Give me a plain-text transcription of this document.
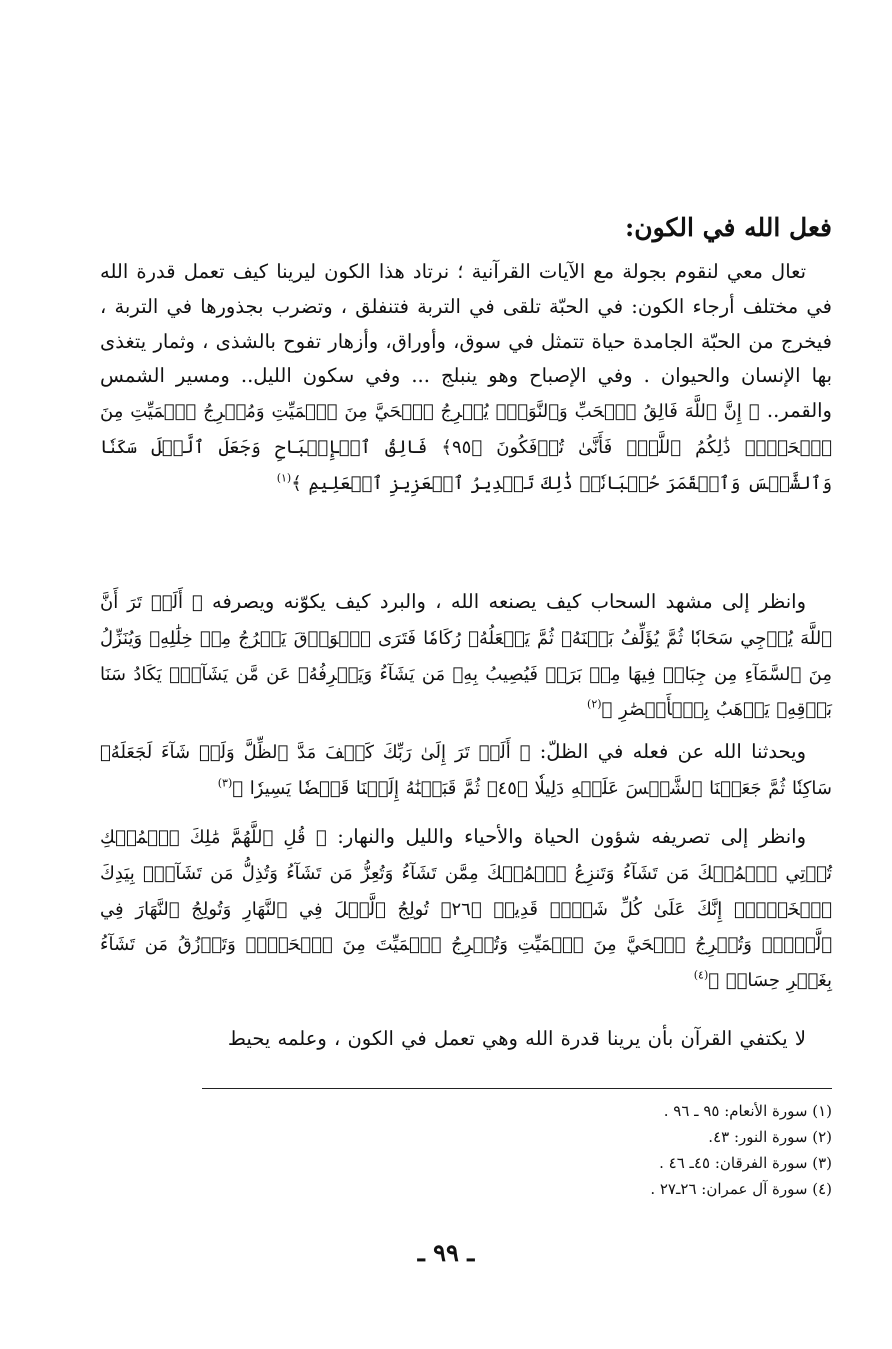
فعل الله في الكون:
تعال معي لنقوم بجولة مع الآيات القرآنية ؛ نرتاد هذا الكون ليرينا كيف تعمل قدرة الله في مختلف أرجاء الكون: في الحبّة تلقى في التربة فتنفلق ، وتضرب بجذورها في التربة ، فيخرج من الحبّة الجامدة حياة تتمثل في سوق، وأوراق، وأزهار تفوح بالشذى ، وثمار يتغذى بها الإنسان والحيوان . وفي الإصباح وهو ينبلج ... وفي سكون الليل.. ومسير الشمس والقمر.. ﴿ إِنَّ ٱللَّهَ فَالِقُ ٱلۡحَبِّ وَٱلنَّوَىٰۖ يُخۡرِجُ ٱلۡحَيَّ مِنَ ٱلۡمَيِّتِ وَمُخۡرِجُ ٱلۡمَيِّتِ مِنَ ٱلۡحَيِّۚ ذَٰلِكُمُ ٱللَّهُۖ فَأَنَّىٰ تُؤۡفَكُونَ ﴿٩٥﴾ فَالِقُ ٱلۡإِصۡبَاحِ وَجَعَلَ ٱلَّيۡلَ سَكَنٗا وَٱلشَّمۡسَ وَٱلۡقَمَرَ حُسۡبَانٗاۚ ذَٰلِكَ تَقۡدِيرُ ٱلۡعَزِيزِ ٱلۡعَلِيمِ ﴾$^{(١)}$
وانظر إلى مشهد السحاب كيف يصنعه الله ، والبرد كيف يكوّنه ويصرفه ﴿ أَلَمۡ تَرَ أَنَّ ٱللَّهَ يُزۡجِي سَحَابٗا ثُمَّ يُؤَلِّفُ بَيۡنَهُۥ ثُمَّ يَجۡعَلُهُۥ رُكَامٗا فَتَرَى ٱلۡوَدۡقَ يَخۡرُجُ مِنۡ خِلَٰلِهِۦ وَيُنَزِّلُ مِنَ ٱلسَّمَآءِ مِن جِبَالٖ فِيهَا مِنۢ بَرَدٖ فَيُصِيبُ بِهِۦ مَن يَشَآءُ وَيَصۡرِفُهُۥ عَن مَّن يَشَآءُۖ يَكَادُ سَنَا بَرۡقِهِۦ يَذۡهَبُ بِٱلۡأَبۡصَٰرِ ﴾$^{(٢)}$
ويحدثنا الله عن فعله في الظلّ: ﴿ أَلَمۡ تَرَ إِلَىٰ رَبِّكَ كَيۡفَ مَدَّ ٱلظِّلَّ وَلَوۡ شَآءَ لَجَعَلَهُۥ سَاكِنٗا ثُمَّ جَعَلۡنَا ٱلشَّمۡسَ عَلَيۡهِ دَلِيلٗا ﴿٤٥﴾ ثُمَّ قَبَضۡنَٰهُ إِلَيۡنَا قَبۡضٗا يَسِيرٗا ﴾$^{(٣)}$
وانظر إلى تصريفه شؤون الحياة والأحياء والليل والنهار: ﴿ قُلِ ٱللَّهُمَّ مَٰلِكَ ٱلۡمُلۡكِ تُؤۡتِي ٱلۡمُلۡكَ مَن تَشَآءُ وَتَنزِعُ ٱلۡمُلۡكَ مِمَّن تَشَآءُ وَتُعِزُّ مَن تَشَآءُ وَتُذِلُّ مَن تَشَآءُۖ بِيَدِكَ ٱلۡخَيۡرُۖ إِنَّكَ عَلَىٰ كُلِّ شَيۡءٖ قَدِيرٞ ﴿٢٦﴾ تُولِجُ ٱلَّيۡلَ فِي ٱلنَّهَارِ وَتُولِجُ ٱلنَّهَارَ فِي ٱلَّيۡلِۖ وَتُخۡرِجُ ٱلۡحَيَّ مِنَ ٱلۡمَيِّتِ وَتُخۡرِجُ ٱلۡمَيِّتَ مِنَ ٱلۡحَيِّۖ وَتَرۡزُقُ مَن تَشَآءُ بِغَيۡرِ حِسَابٖ ﴾$^{(٤)}$
لا يكتفي القرآن بأن يرينا قدرة الله وهي تعمل في الكون ، وعلمه يحيط
(١) سورة الأنعام: ٩٥ ـ ٩٦ .
(٢) سورة النور: ٤٣.
(٣) سورة الفرقان: ٤٥ـ ٤٦ .
(٤) سورة آل عمران: ٢٦ـ٢٧ .
ـ ٩٩ ـ
